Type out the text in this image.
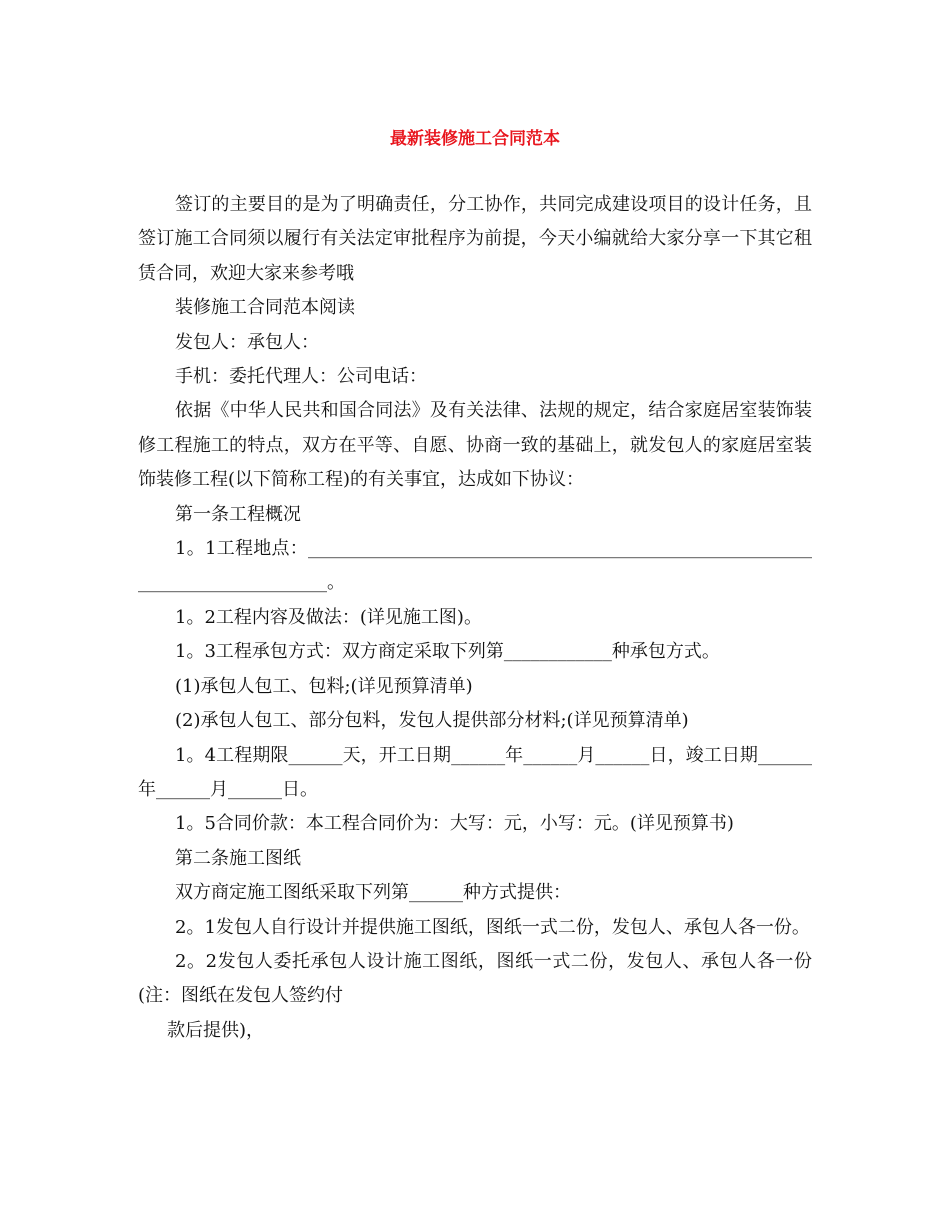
最新装修施工合同范本

签订的主要目的是为了明确责任，分工协作，共同完成建设项目的设计任务，且签订施工合同须以履行有关法定审批程序为前提，今天小编就给大家分享一下其它租赁合同，欢迎大家来参考哦

装修施工合同范本阅读

发包人：承包人：

手机：委托代理人：公司电话：

依据《中华人民共和国合同法》及有关法律、法规的规定，结合家庭居室装饰装修工程施工的特点，双方在平等、自愿、协商一致的基础上，就发包人的家庭居室装饰装修工程(以下简称工程)的有关事宜，达成如下协议：

第一条工程概况

1。1工程地点：_____________________________________________________________________________。

1。2工程内容及做法：(详见施工图)。

1。3工程承包方式：双方商定采取下列第____________种承包方式。

(1)承包人包工、包料;(详见预算清单)

(2)承包人包工、部分包料，发包人提供部分材料;(详见预算清单)

1。4工程期限______天，开工日期______年______月______日，竣工日期______年______月______日。

1。5合同价款：本工程合同价为：大写：元，小写：元。(详见预算书)

第二条施工图纸

双方商定施工图纸采取下列第______种方式提供：

2。1发包人自行设计并提供施工图纸，图纸一式二份，发包人、承包人各一份。

2。2发包人委托承包人设计施工图纸，图纸一式二份，发包人、承包人各一份(注：图纸在发包人签约付

款后提供)，
